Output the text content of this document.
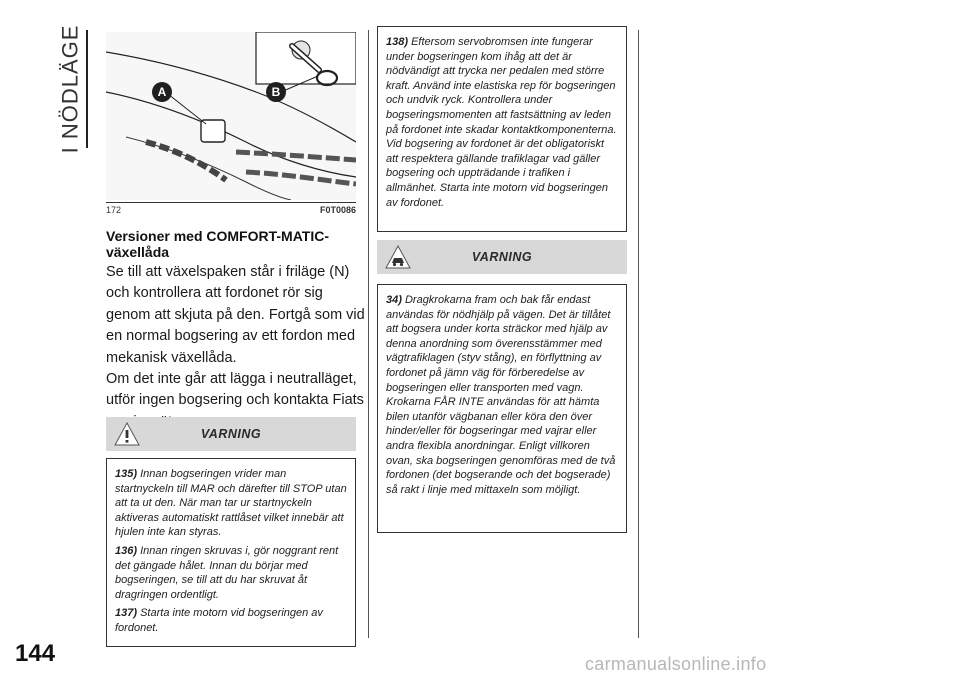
I NÖDLÄGE	A	B
172	F0T0086
Versioner med COMFORT-MATIC-växellåda

Se till att växelspaken står i friläge (N) och kontrollera att fordonet rör sig genom att skjuta på den. Fortgå som vid en normal bogsering av ett fordon med mekanisk växellåda.

Om det inte går att lägga i neutralläget, utför ingen bogsering och kontakta Fiats

VARNING

135) Innan bogseringen vrider man startnyckeln till MAR och därefter till STOP utan att ta ut den. När man tar ur startnyckeln aktiveras automatiskt rattlåset vilket innebär att hjulen inte kan styras.

136) Innan ringen skruvas i, gör noggrant rent det gängade hålet. Innan du börjar med bogseringen, se till att du har skruvat åt dragringen ordentligt.

137) Starta inte motorn vid bogseringen av fordonet.

138) Eftersom servobromsen inte fungerar under bogseringen kom ihåg att det är nödvändigt att trycka ner pedalen med större kraft. Använd inte elastiska rep för bogseringen och undvik ryck. Kontrollera under bogseringsmomenten att fastsättning av leden på fordonet inte skadar kontaktkomponenterna. Vid bogsering av fordonet är det obligatoriskt att respektera gällande trafiklagar vad gäller bogsering och uppträdande i trafiken i allmänhet. Starta inte motorn vid bogseringen av fordonet.

VARNING

34) Dragkrokarna fram och bak får endast användas för nödhjälp på vägen. Det är tillåtet att bogsera under korta sträckor med hjälp av denna anordning som överensstämmer med vägtrafiklagen (styv stång), en förflyttning av fordonet på jämn väg för förberedelse av bogseringen eller transporten med vagn. Krokarna FÅR INTE användas för att hämta bilen utanför vägbanan eller köra den över hinder/eller för bogseringar med vajrar eller andra flexibla anordningar. Enligt villkoren ovan, ska bogseringen genomföras med de två fordonen (det bogserande och det bogserade) så rakt i linje med mittaxeln som möjligt.

144	carmanualsonline.info
